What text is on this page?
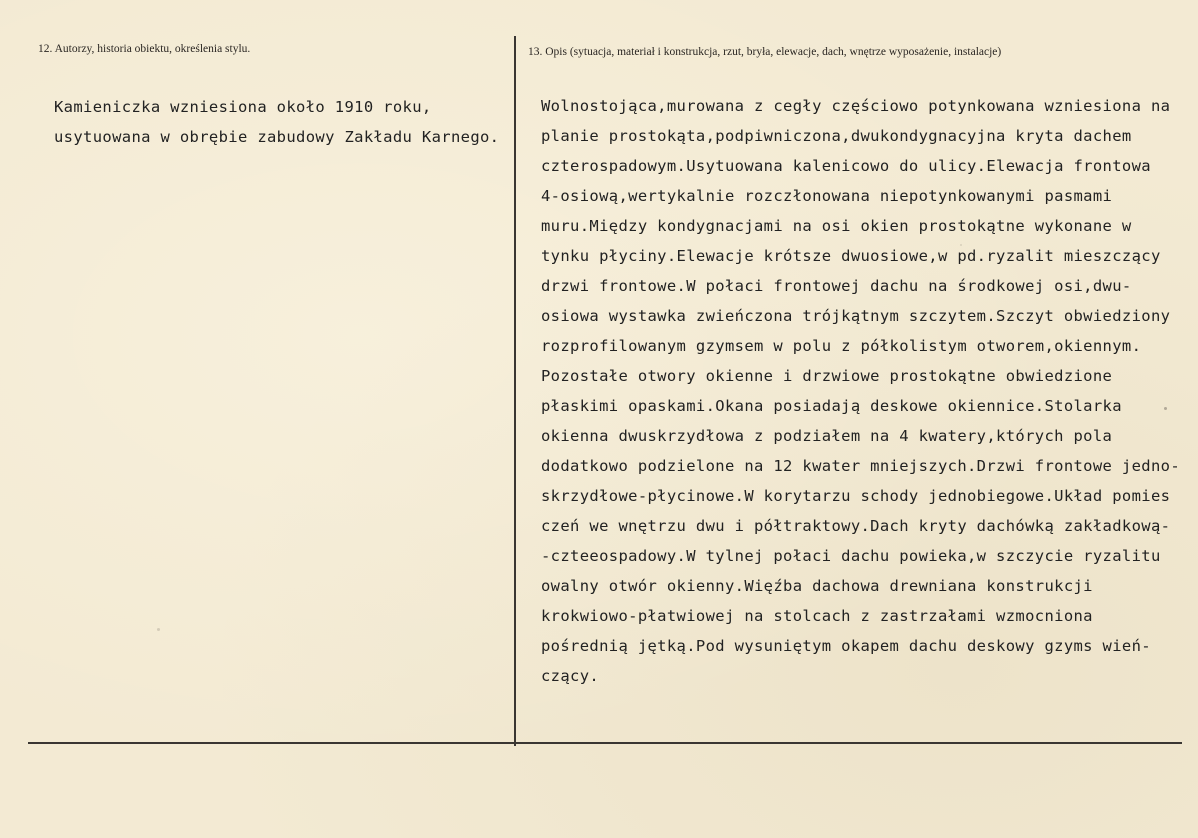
12. Autorzy, historia obiektu, określenia stylu.	13. Opis (sytuacja, materiał i konstrukcja, rzut, bryła, elewacje, dach, wnętrze wyposażenie, instalacje)
Kamieniczka wzniesiona około 1910 roku,
usytuowana w obrębie zabudowy Zakładu Karnego.
Wolnostojąca,murowana z cegły częściowo potynkowana wzniesiona na
planie prostokąta,podpiwniczona,dwukondygnacyjna kryta dachem
czterospadowym.Usytuowana kalenicowo do ulicy.Elewacja frontowa
4-osiową,wertykalnie rozczłonowana niepotynkowanymi pasmami
muru.Między kondygnacjami na osi okien prostokątne wykonane w
tynku płyciny.Elewacje krótsze dwuosiowe,w pd.ryzalit mieszczący
drzwi frontowe.W połaci frontowej dachu na środkowej osi,dwu-
osiowa wystawka zwieńczona trójkątnym szczytem.Szczyt obwiedziony
rozprofilowanym gzymsem w polu z półkolistym otworem,okiennym.
Pozostałe otwory okienne i drzwiowe prostokątne obwiedzione
płaskimi opaskami.Okana posiadają deskowe okiennice.Stolarka
okienna dwuskrzydłowa z podziałem na 4 kwatery,których pola
dodatkowo podzielone na 12 kwater mniejszych.Drzwi frontowe jedno-
skrzydłowe-płycinowe.W korytarzu schody jednobiegowe.Układ pomies
czeń we wnętrzu dwu i półtraktowy.Dach kryty dachówką zakładkową-
-czteeospadowy.W tylnej połaci dachu powieka,w szczycie ryzalitu
owalny otwór okienny.Więźba dachowa drewniana konstrukcji
krokwiowo-płatwiowej na stolcach z zastrzałami wzmocniona
pośrednią jętką.Pod wysuniętym okapem dachu deskowy gzyms wień-
czący.
